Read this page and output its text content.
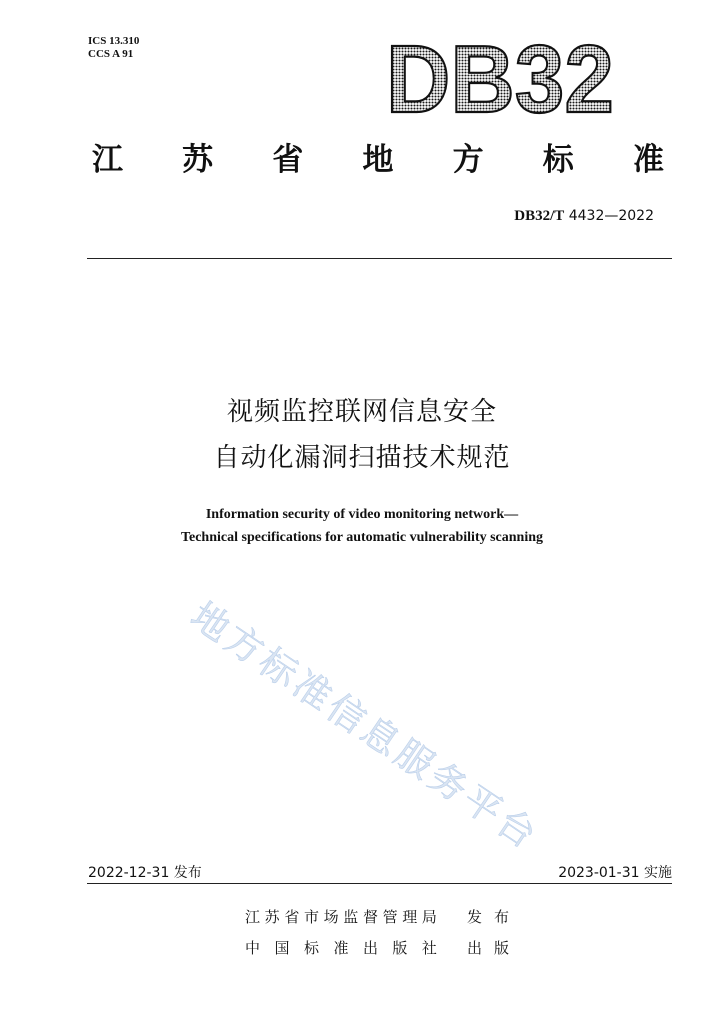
ICS 13.310
CCS A 91	DB32
江 苏 省 地 方 标 准
DB32/T 4432—2022
视频监控联网信息安全
自动化漏洞扫描技术规范
Information security of video monitoring network—
Technical specifications for automatic vulnerability scanning
地方标准信息服务平台
2022-12-31 发布	2023-01-31 实施
江 苏 省 市 场 监 督 管 理 局 发 布
中 国 标 准 出 版 社 出 版
